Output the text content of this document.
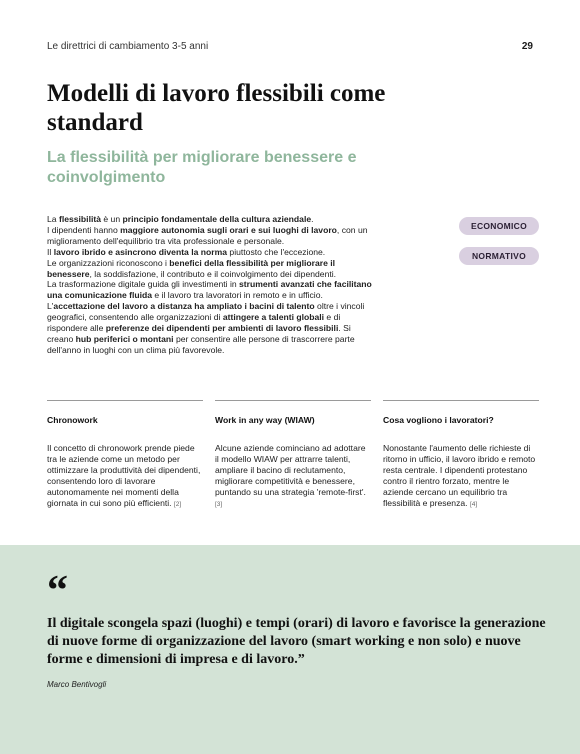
Le direttrici di cambiamento 3-5 anni	29
Modelli di lavoro flessibili come standard
La flessibilità per migliorare benessere e coinvolgimento

La flessibilità è un principio fondamentale della cultura aziendale.

I dipendenti hanno maggiore autonomia sugli orari e sui luoghi di lavoro, con un miglioramento dell'equilibrio tra vita professionale e personale.

Il lavoro ibrido e asincrono diventa la norma piuttosto che l'eccezione.

Le organizzazioni riconoscono i benefici della flessibilità per migliorare il benessere, la soddisfazione, il contributo e il coinvolgimento dei dipendenti.

La trasformazione digitale guida gli investimenti in strumenti avanzati che facilitano una comunicazione fluida e il lavoro tra lavoratori in remoto e in ufficio. L'accettazione del lavoro a distanza ha ampliato i bacini di talento oltre i vincoli geografici, consentendo alle organizzazioni di attingere a talenti globali e di rispondere alle preferenze dei dipendenti per ambienti di lavoro flessibili. Si creano hub periferici o montani per consentire alle persone di trascorrere parte dell'anno in luoghi con un clima più favorevole.

ECONOMICO
NORMATIVO
Chronowork

Il concetto di chronowork prende piede tra le aziende come un metodo per ottimizzare la produttività dei dipendenti, consentendo loro di lavorare autonomamente nei momenti della giornata in cui sono più efficienti. [2]

Work in any way (WIAW)

Alcune aziende cominciano ad adottare il modello WIAW per attrarre talenti, ampliare il bacino di reclutamento, migliorare competitività e benessere, puntando su una strategia 'remote-first'. [3]

Cosa vogliono i lavoratori?

Nonostante l'aumento delle richieste di ritorno in ufficio, il lavoro ibrido e remoto resta centrale. I dipendenti protestano contro il rientro forzato, mentre le aziende cercano un equilibrio tra flessibilità e presenza. [4]

“

Il digitale scongela spazi (luoghi) e tempi (orari) di lavoro e favorisce la generazione di nuove forme di organizzazione del lavoro (smart working e non solo) e nuove forme e dimensioni di impresa e di lavoro.”

Marco Bentivogli
